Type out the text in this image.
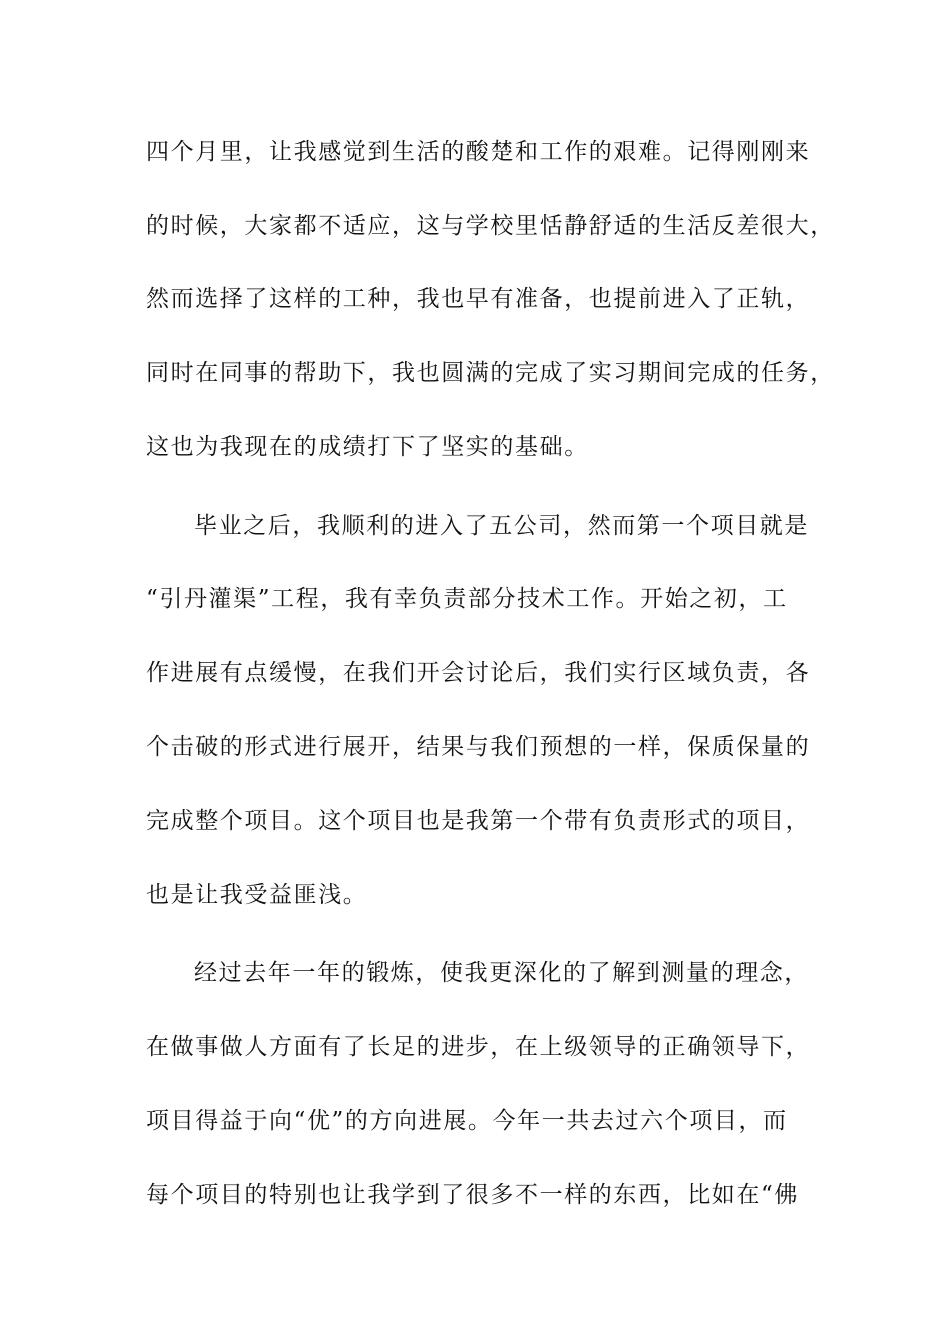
四个月里，让我感觉到生活的酸楚和工作的艰难。记得刚刚来
的时候，大家都不适应，这与学校里恬静舒适的生活反差很大，
然而选择了这样的工种，我也早有准备，也提前进入了正轨，
同时在同事的帮助下，我也圆满的完成了实习期间完成的任务，
这也为我现在的成绩打下了坚实的基础。
毕业之后，我顺利的进入了五公司，然而第一个项目就是
“引丹灌渠”工程，我有幸负责部分技术工作。开始之初，工
作进展有点缓慢，在我们开会讨论后，我们实行区域负责，各
个击破的形式进行展开，结果与我们预想的一样，保质保量的
完成整个项目。这个项目也是我第一个带有负责形式的项目，
也是让我受益匪浅。
经过去年一年的锻炼，使我更深化的了解到测量的理念，
在做事做人方面有了长足的进步，在上级领导的正确领导下，
项目得益于向“优”的方向进展。今年一共去过六个项目，而
每个项目的特别也让我学到了很多不一样的东西，比如在“佛
